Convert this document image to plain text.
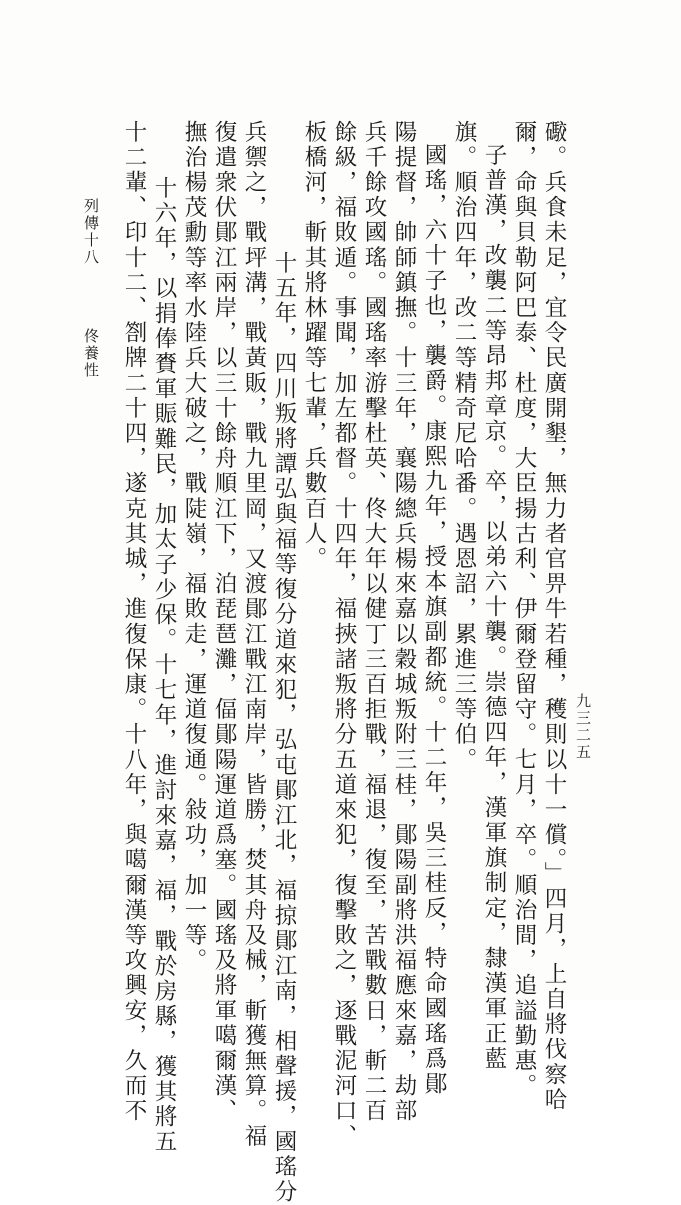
列傳十八  佟養性	礮。兵食未足，宜令民廣開墾，無力者官畀牛若種，穫則以十一償。」四月，上自將伐察哈
爾，命與貝勒阿巴泰、杜度，大臣揚古利、伊爾登留守。七月，卒。順治間，追謚勤惠。
子普漢，改襲二等昂邦章京。卒，以弟六十襲。崇德四年，漢軍旗制定，隸漢軍正藍
旗。順治四年，改二等精奇尼哈番。遇恩詔，累進三等伯。
國瑤，六十子也，襲爵。康熙九年，授本旗副都統。十二年，吳三桂反，特命國瑤爲鄖
陽提督，帥師鎮撫。十三年，襄陽總兵楊來嘉以穀城叛附三桂，鄖陽副將洪福應來嘉，劫部
兵千餘攻國瑤。國瑤率游擊杜英、佟大年以健丁三百拒戰，福退，復至，苦戰數日，斬二百
餘級，福敗遁。事聞，加左都督。十四年，福挾諸叛將分五道來犯，復擊敗之，逐戰泥河口、
板橋河，斬其將林躍等七輩，兵數百人。
十五年，四川叛將譚弘與福等復分道來犯，弘屯鄖江北，福掠鄖江南，相聲援，國瑤分
兵禦之，戰坪溝，戰黃販，戰九里岡，又渡鄖江戰江南岸，皆勝，焚其舟及械，斬獲無算。福
復遣衆伏鄖江兩岸，以三十餘舟順江下，泊琵琶灘，偪鄖陽運道爲塞。國瑤及將軍噶爾漢、
撫治楊茂勳等率水陸兵大破之，戰陡嶺，福敗走，運道復通。敍功，加一等。
十六年，以捐俸賚軍賑難民，加太子少保。十七年，進討來嘉，福，戰於房縣，獲其將五
十二輩、印十二、劄牌二十四，遂克其城，進復保康。十八年，與噶爾漢等攻興安，久而不	九三二五
